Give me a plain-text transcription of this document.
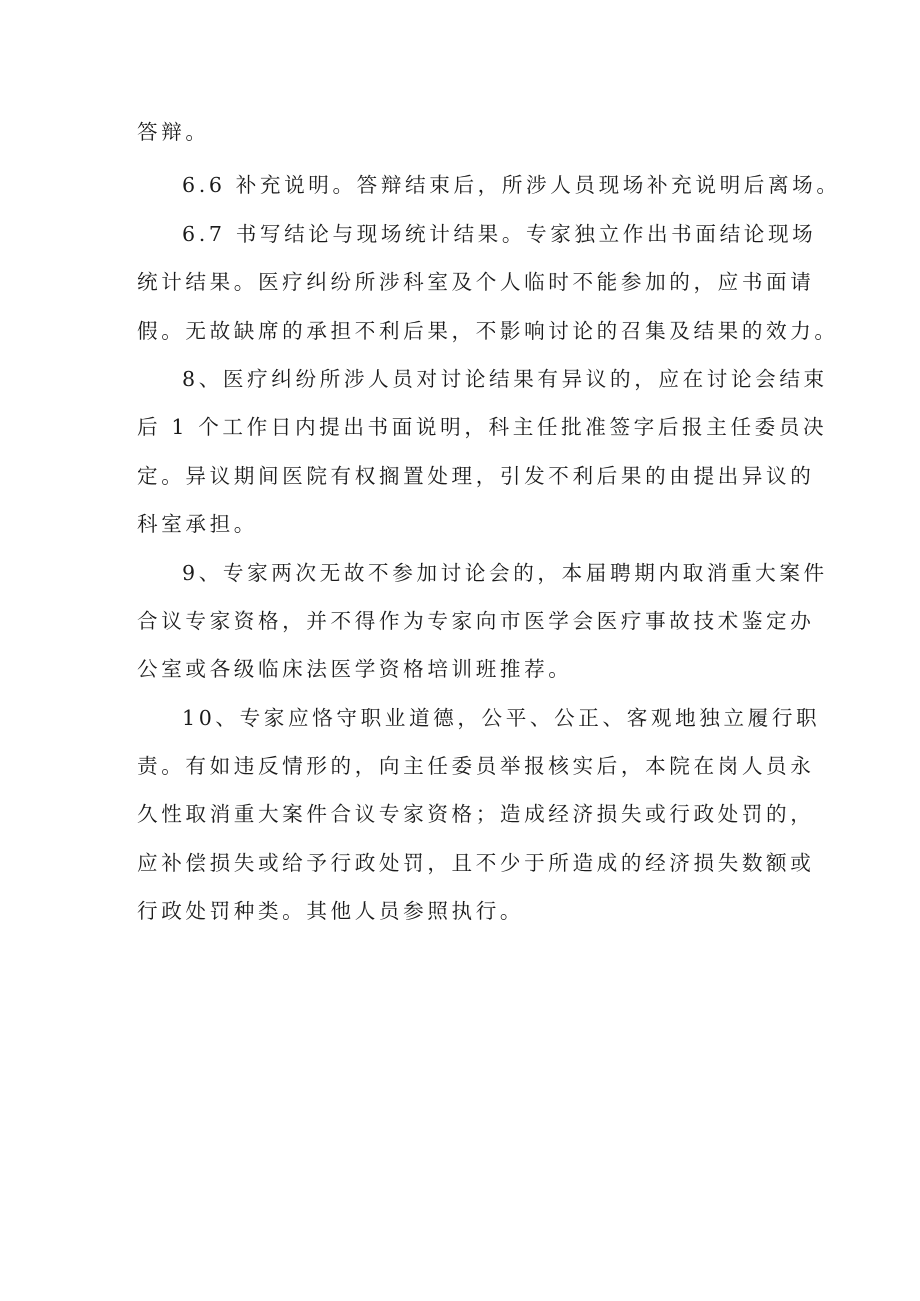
答辩。
6.6 补充说明。答辩结束后，所涉人员现场补充说明后离场。
6.7 书写结论与现场统计结果。专家独立作出书面结论现场
统计结果。医疗纠纷所涉科室及个人临时不能参加的，应书面请
假。无故缺席的承担不利后果，不影响讨论的召集及结果的效力。
8、医疗纠纷所涉人员对讨论结果有异议的，应在讨论会结束
后 1 个工作日内提出书面说明，科主任批准签字后报主任委员决
定。异议期间医院有权搁置处理，引发不利后果的由提出异议的
科室承担。
9、专家两次无故不参加讨论会的，本届聘期内取消重大案件
合议专家资格，并不得作为专家向市医学会医疗事故技术鉴定办
公室或各级临床法医学资格培训班推荐。
10、专家应恪守职业道德，公平、公正、客观地独立履行职
责。有如违反情形的，向主任委员举报核实后，本院在岗人员永
久性取消重大案件合议专家资格；造成经济损失或行政处罚的，
应补偿损失或给予行政处罚，且不少于所造成的经济损失数额或
行政处罚种类。其他人员参照执行。
